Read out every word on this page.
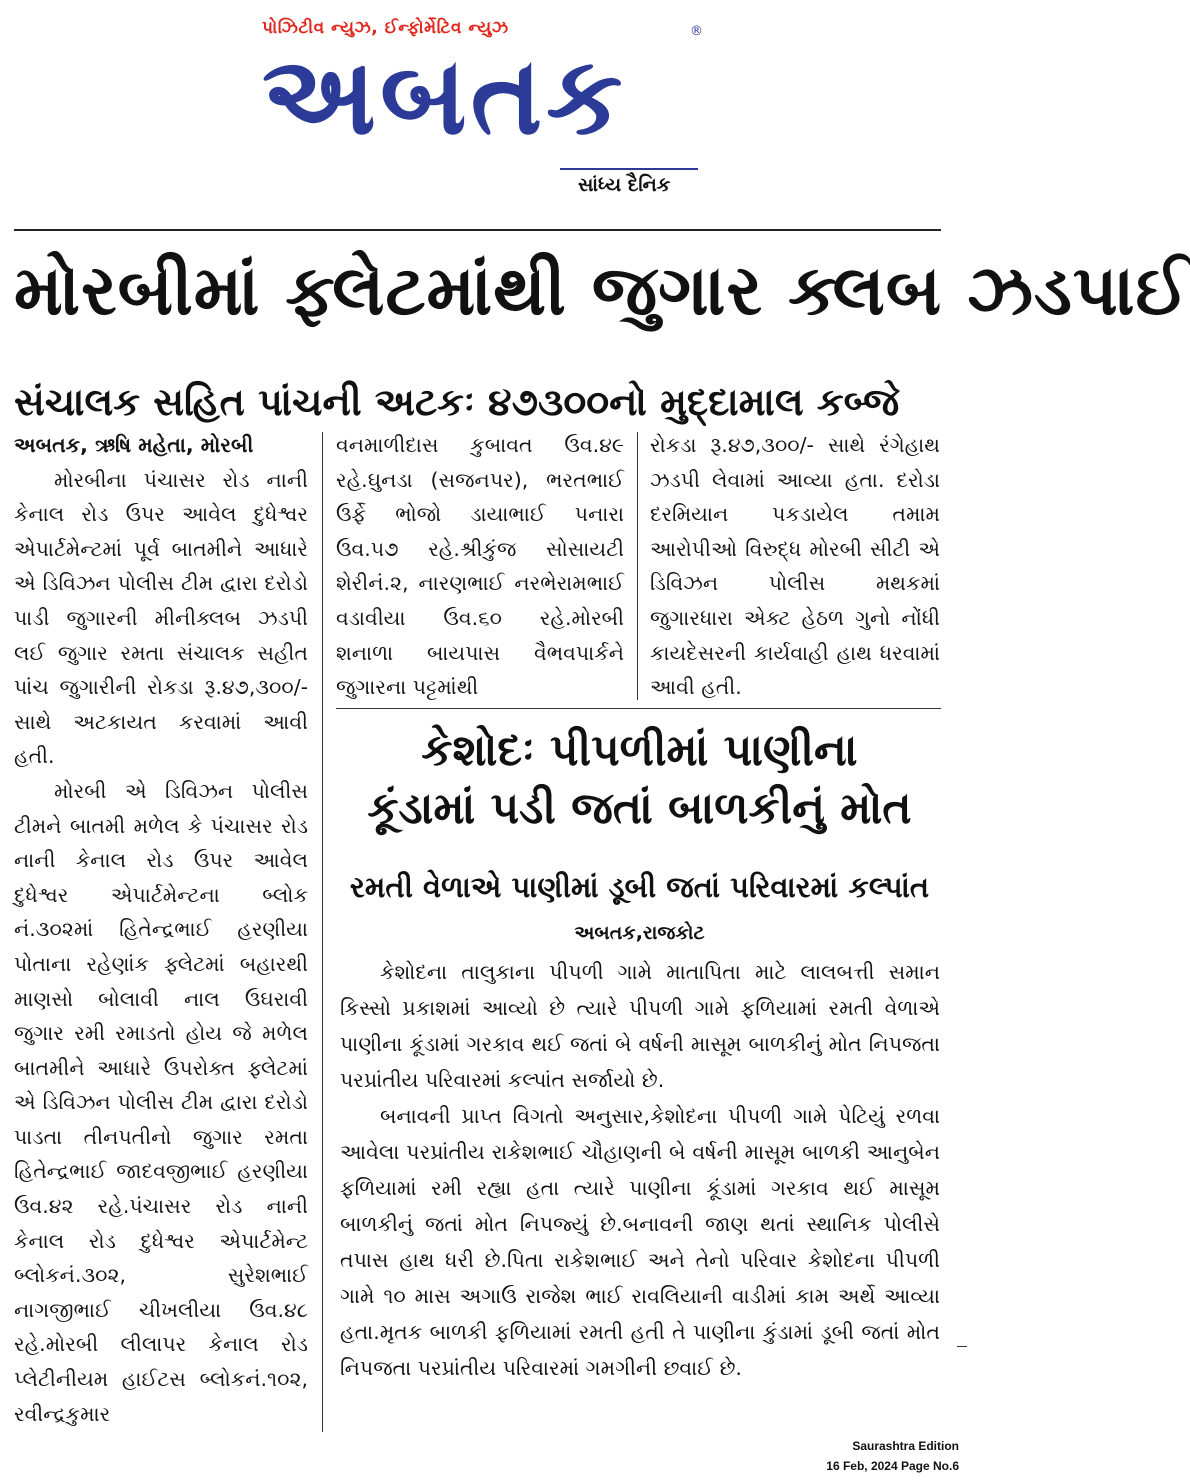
પોઝિટીવ ન્યુઝ, ઈન્ફોર્મેટિવ ન્યુઝ
અબતક
®
સાંધ્ય દૈનિક
મોરબીમાં ફ્લેટમાંથી જુગાર ક્લબ ઝડપાઈ
સંચાલક સહિત પાંચની અટકઃ ૪૭૩૦૦નો મુદ્દામાલ કબ્જે

અબતક, ઋષિ મહેતા, મોરબી

મોરબીના પંચાસર રોડ નાની કેનાલ રોડ ઉપર આવેલ દુધેશ્વર એપાર્ટમેન્ટમાં પૂર્વ બાતમીને આધારે એ ડિવિઝન પોલીસ ટીમ દ્વારા દરોડો પાડી જુગારની મીનીક્લબ ઝડપી લઈ જુગાર રમતા સંચાલક સહીત પાંચ જુગારીની રોકડા રૂ.૪૭,૩૦૦/-સાથે અટકાયત કરવામાં આવી હતી.

મોરબી એ ડિવિઝન પોલીસ ટીમને બાતમી મળેલ કે પંચાસર રોડ નાની કેનાલ રોડ ઉપર આવેલ દુધેશ્વર એપાર્ટમેન્ટના બ્લોક નં.૩૦૨માં હિતેન્દ્રભાઈ હરણીયા પોતાના રહેણાંક ફ્લેટમાં બહારથી માણસો બોલાવી નાલ ઉઘરાવી જુગાર રમી રમાડતો હોય જે મળેલ બાતમીને આધારે ઉપરોક્ત ફ્લેટમાં એ ડિવિઝન પોલીસ ટીમ દ્વારા દરોડો પાડતા તીનપતીનો જુગાર રમતા હિતેન્દ્રભાઈ જાદવજીભાઈ હરણીયા ઉવ.૪૨ રહે.પંચાસર રોડ નાની કેનાલ રોડ દુધેશ્વર એપાર્ટમેન્ટ બ્લોકનં.૩૦૨, સુરેશભાઈ નાગજીભાઈ ચીખલીયા ઉવ.૪૮ રહે.મોરબી લીલાપર કેનાલ રોડ પ્લેટીનીયમ હાઈટસ બ્લોકનં.૧૦૨, રવીન્દ્રકુમાર

વનમાળીદાસ કુબાવત ઉવ.૪૯ રહે.ઘુનડા (સજનપર), ભરતભાઈ ઉર્ફે ભોજો ડાયાભાઈ પનારા ઉવ.૫૭ રહે.શ્રીકુંજ સોસાયટી શેરીનં.૨, નારણભાઈ નરભેરામભાઈ વડાવીયા ઉવ.૬૦ રહે.મોરબી શનાળા બાયપાસ વૈભવપાર્કને જુગારના પટ્ટમાંથી

રોકડા રૂ.૪૭,૩૦૦/- સાથે રંગેહાથ ઝડપી લેવામાં આવ્યા હતા. દરોડા દરમિયાન પકડાયેલ તમામ આરોપીઓ વિરુદ્ધ મોરબી સીટી એ ડિવિઝન પોલીસ મથકમાં જુગારધારા એક્ટ હેઠળ ગુનો નોંધી કાયદેસરની કાર્યવાહી હાથ ધરવામાં આવી હતી.

કેશોદઃ પીપળીમાં પાણીના
કૂંડામાં પડી જતાં બાળકીનું મોત
રમતી વેળાએ પાણીમાં ડૂબી જતાં પરિવારમાં કલ્પાંત
અબતક,રાજકોટ

કેશોદના તાલુકાના પીપળી ગામે માતાપિતા માટે લાલબત્તી સમાન કિસ્સો પ્રકાશમાં આવ્યો છે ત્યારે પીપળી ગામે ફળિયામાં રમતી વેળાએ પાણીના કૂંડામાં ગરકાવ થઈ જતાં બે વર્ષની માસૂમ બાળકીનું મોત નિપજતા પરપ્રાંતીય પરિવારમાં કલ્પાંત સર્જાયો છે.

બનાવની પ્રાપ્ત વિગતો અનુસાર,કેશોદના પીપળી ગામે પેટિયું રળવા આવેલા પરપ્રાંતીય રાકેશભાઈ ચૌહાણની બે વર્ષની માસૂમ બાળકી આનુબેન ફળિયામાં રમી રહ્યા હતા ત્યારે પાણીના કૂંડામાં ગરકાવ થઈ માસૂમ બાળકીનું જતાં મોત નિપજ્યું છે.બનાવની જાણ થતાં સ્થાનિક પોલીસે તપાસ હાથ ધરી છે.પિતા રાકેશભાઈ અને તેનો પરિવાર કેશોદના પીપળી ગામે ૧૦ માસ અગાઉ રાજેશ ભાઈ રાવલિયાની વાડીમાં કામ અર્થે આવ્યા હતા.મૃતક બાળકી ફળિયામાં રમતી હતી તે પાણીના કુંડામાં ડૂબી જતાં મોત નિપજતા પરપ્રાંતીય પરિવારમાં ગમગીની છવાઈ છે.

Saurashtra Edition
16 Feb, 2024 Page No.6
